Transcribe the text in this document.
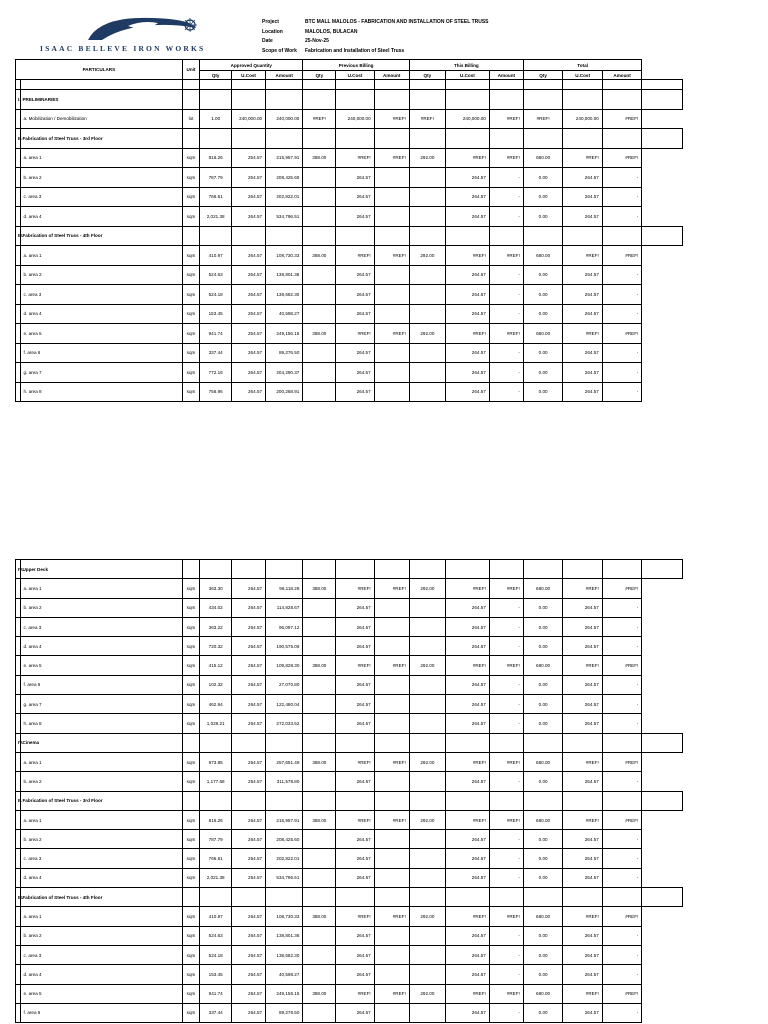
ISAAC BELLEVE IRON WORKS
Project	BTC MALL MALOLOS - FABRICATION AND INSTALLATION OF STEEL TRUSS
Location	MALOLOS, BULACAN
Date	25-Nov-25
Scope of Work	Fabrication and Installation of Steel Truss
PARTICULARS		Unit	Approved Quantity			Previous Billing			This Billing			Total			
			Qty	U.Cost	Amount	Qty	U.Cost	Amount	Qty	U.Cost	Amount	Qty	U.Cost	Amount	

I.	PRELIMINARIES														
	a. Mobilization / Demobilization	lot	1.00	240,000.00	240,000.00	#REF!	240,000.00	#REF!	#REF!	240,000.00	#REF!	#REF!	240,000.00	#REF!	
II.	Fabrication of Steel Truss - 3rd Floor														
	a. area 1	sqm	816.26	264.57	215,957.91	388.00	#REF!	#REF!	292.00	#REF!	#REF!	680.00	#REF!	#REF!	
	b. area 2	sqm	787.79	264.57	208,425.60		264.57			264.57	-	0.00	264.57	-	
	c. area 3	sqm	766.61	264.57	202,822.01		264.57			264.57	-	0.00	264.57	-	
	d. area 4	sqm	2,021.38	264.57	534,796.51		264.57			264.57	-	0.00	264.57	-	
III.	Fabrication of Steel Truss - 4th Floor														
	a. area 1	sqm	410.97	264.57	108,730.33	388.00	#REF!	#REF!	292.00	#REF!	#REF!	680.00	#REF!	#REF!	
	b. area 2	sqm	524.63	264.57	138,801.36		264.57			264.57	-	0.00	264.57	-	
	c. area 3	sqm	524.18	264.57	138,682.30		264.57			264.57	-	0.00	264.57	-	
	d. area 4	sqm	153.45	264.57	40,598.27		264.57			264.57	-	0.00	264.57	-	
	e. area 5	sqm	941.74	264.57	249,156.15	388.00	#REF!	#REF!	292.00	#REF!	#REF!	680.00	#REF!	#REF!	
	f. area 6	sqm	337.44	264.57	89,276.50		264.57			264.57	-	0.00	264.57	-	
	g. area 7	sqm	772.16	264.57	204,290.37		264.57			264.57	-	0.00	264.57	-	
	h. area 8	sqm	756.96	264.57	200,268.91		264.57			264.57	-	0.00	264.57	-	
IV.	Upper Deck														
	a. area 1	sqm	363.30	264.57	96,118.28	388.00	#REF!	#REF!	292.00	#REF!	#REF!	680.00	#REF!	#REF!	
	b. area 2	sqm	434.02	264.57	114,828.67		264.57			264.57	-	0.00	264.57	-	
	c. area 3	sqm	363.22	264.57	96,097.12		264.57			264.57	-	0.00	264.57	-	
	d. area 4	sqm	720.32	264.57	190,575.06		264.57			264.57	-	0.00	264.57	-	
	e. area 5	sqm	415.12	264.57	109,828.30	388.00	#REF!	#REF!	292.00	#REF!	#REF!	680.00	#REF!	#REF!	
	f. area 6	sqm	102.32	264.57	27,070.80		264.57			264.57	-	0.00	264.57	-	
	g. area 7	sqm	462.94	264.57	122,480.04		264.57			264.57	-	0.00	264.57	-	
	h. area 8	sqm	1,028.21	264.57	272,033.52		264.57			264.57	-	0.00	264.57	-	
IV.	Cinema														
	a. area 1	sqm	973.85	264.57	257,651.49	388.00	#REF!	#REF!	292.00	#REF!	#REF!	680.00	#REF!	#REF!	
	b. area 2	sqm	1,177.68	264.57	311,578.80		264.57			264.57	-	0.00	264.57	-	
II.	Fabrication of Steel Truss - 3rd Floor														
	a. area 1	sqm	816.26	264.57	215,957.91	388.00	#REF!	#REF!	292.00	#REF!	#REF!	680.00	#REF!	#REF!	
	b. area 2	sqm	787.79	264.57	208,425.60		264.57			264.57	-	0.00	264.57	-	
	c. area 3	sqm	766.61	264.57	202,822.01		264.57			264.57	-	0.00	264.57	-	
	d. area 4	sqm	2,021.38	264.57	534,796.51		264.57			264.57	-	0.00	264.57	-	
III.	Fabrication of Steel Truss - 4th Floor														
	a. area 1	sqm	410.97	264.57	108,730.33	388.00	#REF!	#REF!	292.00	#REF!	#REF!	680.00	#REF!	#REF!	
	b. area 2	sqm	524.63	264.57	138,801.36		264.57			264.57	-	0.00	264.57	-	
	c. area 3	sqm	524.18	264.57	138,682.30		264.57			264.57	-	0.00	264.57	-	
	d. area 4	sqm	153.45	264.57	40,598.27		264.57			264.57	-	0.00	264.57	-	
	e. area 5	sqm	941.74	264.57	249,156.15	388.00	#REF!	#REF!	292.00	#REF!	#REF!	680.00	#REF!	#REF!	
	f. area 6	sqm	337.44	264.57	89,276.50		264.57			264.57	-	0.00	264.57	-	
